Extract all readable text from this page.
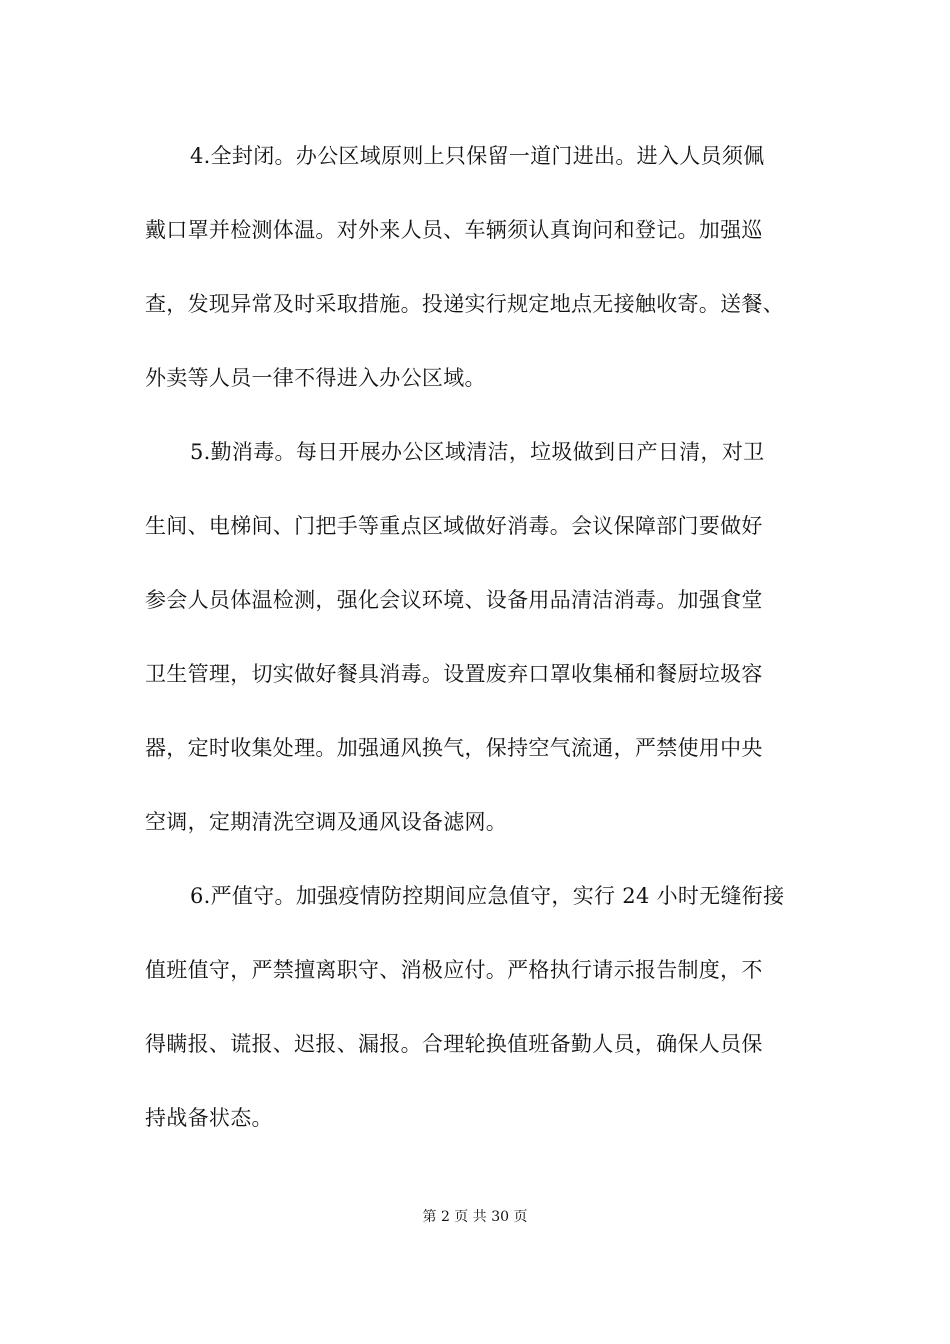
4.全封闭。办公区域原则上只保留一道门进出。进入人员须佩
戴口罩并检测体温。对外来人员、车辆须认真询问和登记。加强巡
查，发现异常及时采取措施。投递实行规定地点无接触收寄。送餐、
外卖等人员一律不得进入办公区域。
5.勤消毒。每日开展办公区域清洁，垃圾做到日产日清，对卫
生间、电梯间、门把手等重点区域做好消毒。会议保障部门要做好
参会人员体温检测，强化会议环境、设备用品清洁消毒。加强食堂
卫生管理，切实做好餐具消毒。设置废弃口罩收集桶和餐厨垃圾容
器，定时收集处理。加强通风换气，保持空气流通，严禁使用中央
空调，定期清洗空调及通风设备滤网。
6.严值守。加强疫情防控期间应急值守，实行 24 小时无缝衔接
值班值守，严禁擅离职守、消极应付。严格执行请示报告制度，不
得瞒报、谎报、迟报、漏报。合理轮换值班备勤人员，确保人员保
持战备状态。
第 2 页 共 30 页
